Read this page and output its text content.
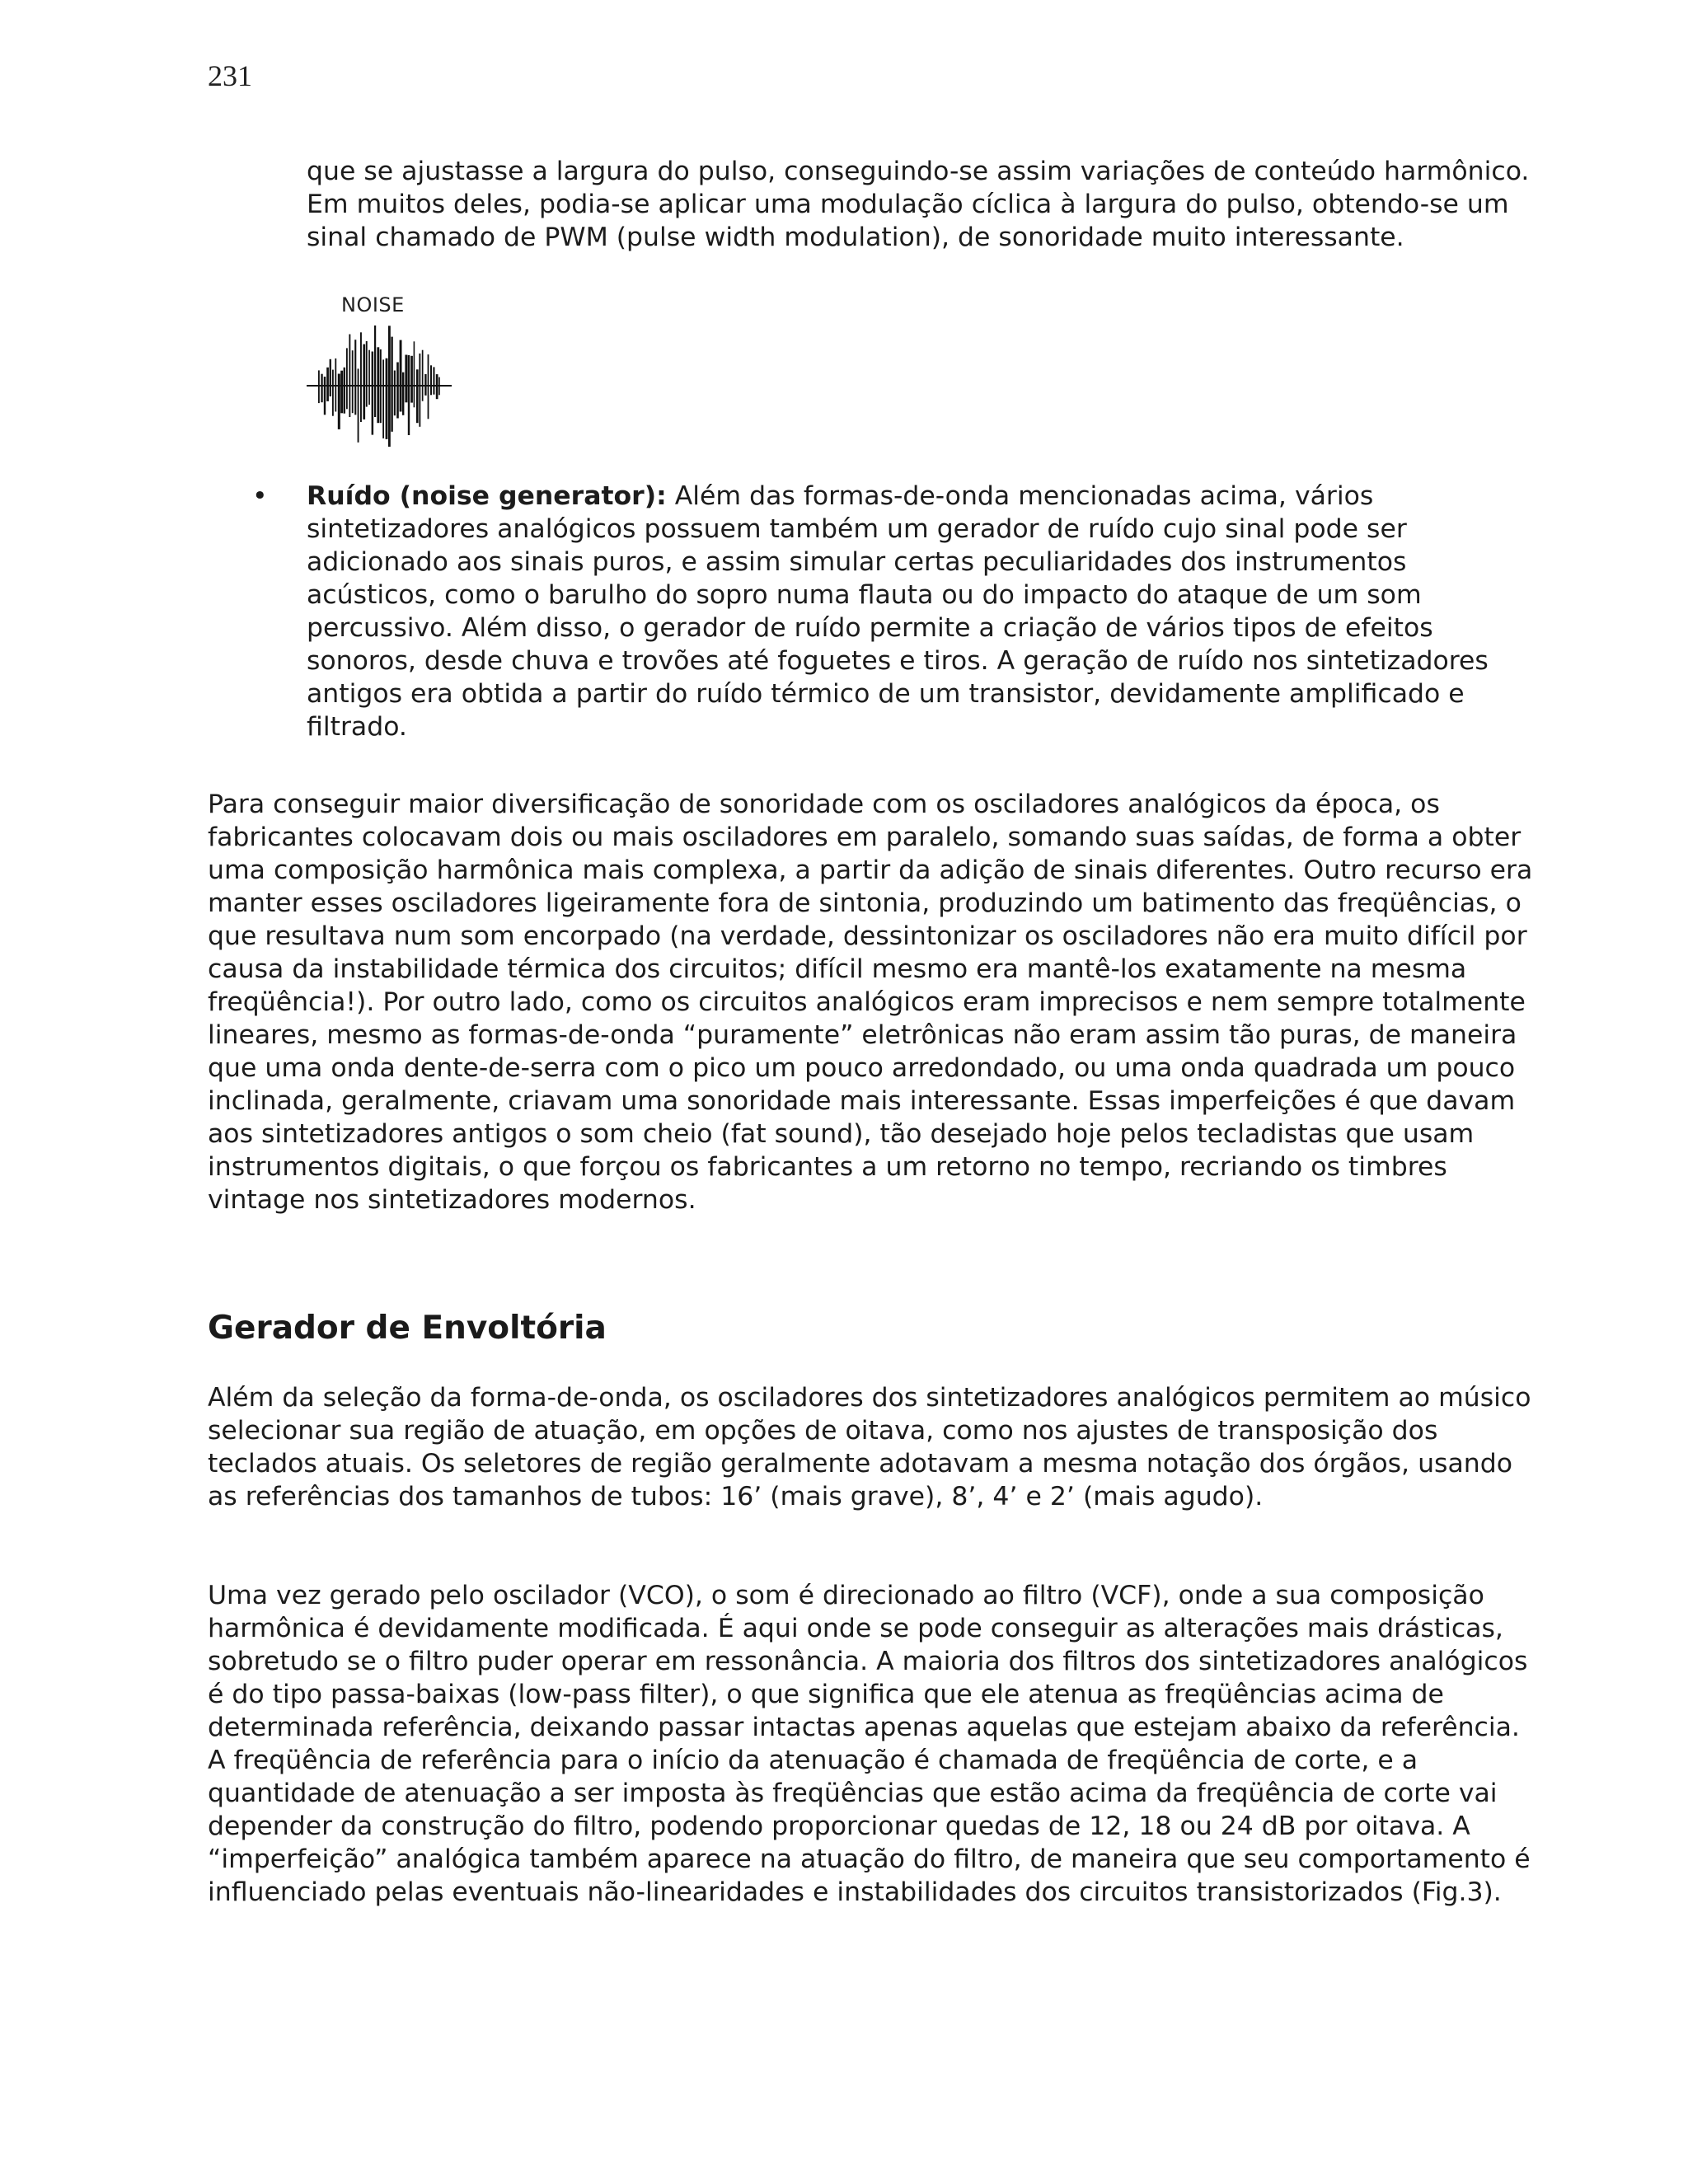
231

que se ajustasse a largura do pulso, conseguindo-se assim variações de conteúdo harmônico. Em muitos deles, podia-se aplicar uma modulação cíclica à largura do pulso, obtendo-se um sinal chamado de PWM (pulse width modulation), de sonoridade muito interessante.

NOISE
• Ruído (noise generator): Além das formas-de-onda mencionadas acima, vários sintetizadores analógicos possuem também um gerador de ruído cujo sinal pode ser adicionado aos sinais puros, e assim simular certas peculiaridades dos instrumentos acústicos, como o barulho do sopro numa flauta ou do impacto do ataque de um som percussivo. Além disso, o gerador de ruído permite a criação de vários tipos de efeitos sonoros, desde chuva e trovões até foguetes e tiros. A geração de ruído nos sintetizadores antigos era obtida a partir do ruído térmico de um transistor, devidamente amplificado e filtrado.

Para conseguir maior diversificação de sonoridade com os osciladores analógicos da época, os fabricantes colocavam dois ou mais osciladores em paralelo, somando suas saídas, de forma a obter uma composição harmônica mais complexa, a partir da adição de sinais diferentes. Outro recurso era manter esses osciladores ligeiramente fora de sintonia, produzindo um batimento das freqüências, o que resultava num som encorpado (na verdade, dessintonizar os osciladores não era muito difícil por causa da instabilidade térmica dos circuitos; difícil mesmo era mantê-los exatamente na mesma freqüência!). Por outro lado, como os circuitos analógicos eram imprecisos e nem sempre totalmente lineares, mesmo as formas-de-onda “puramente” eletrônicas não eram assim tão puras, de maneira que uma onda dente-de-serra com o pico um pouco arredondado, ou uma onda quadrada um pouco inclinada, geralmente, criavam uma sonoridade mais interessante. Essas imperfeições é que davam aos sintetizadores antigos o som cheio (fat sound), tão desejado hoje pelos tecladistas que usam instrumentos digitais, o que forçou os fabricantes a um retorno no tempo, recriando os timbres vintage nos sintetizadores modernos.

Gerador de Envoltória

Além da seleção da forma-de-onda, os osciladores dos sintetizadores analógicos permitem ao músico selecionar sua região de atuação, em opções de oitava, como nos ajustes de transposição dos teclados atuais. Os seletores de região geralmente adotavam a mesma notação dos órgãos, usando as referências dos tamanhos de tubos: 16’ (mais grave), 8’, 4’ e 2’ (mais agudo).

Uma vez gerado pelo oscilador (VCO), o som é direcionado ao filtro (VCF), onde a sua composição harmônica é devidamente modificada. É aqui onde se pode conseguir as alterações mais drásticas, sobretudo se o filtro puder operar em ressonância. A maioria dos filtros dos sintetizadores analógicos é do tipo passa-baixas (low-pass filter), o que significa que ele atenua as freqüências acima de determinada referência, deixando passar intactas apenas aquelas que estejam abaixo da referência. A freqüência de referência para o início da atenuação é chamada de freqüência de corte, e a quantidade de atenuação a ser imposta às freqüências que estão acima da freqüência de corte vai depender da construção do filtro, podendo proporcionar quedas de 12, 18 ou 24 dB por oitava. A “imperfeição” analógica também aparece na atuação do filtro, de maneira que seu comportamento é influenciado pelas eventuais não-linearidades e instabilidades dos circuitos transistorizados (Fig.3).
